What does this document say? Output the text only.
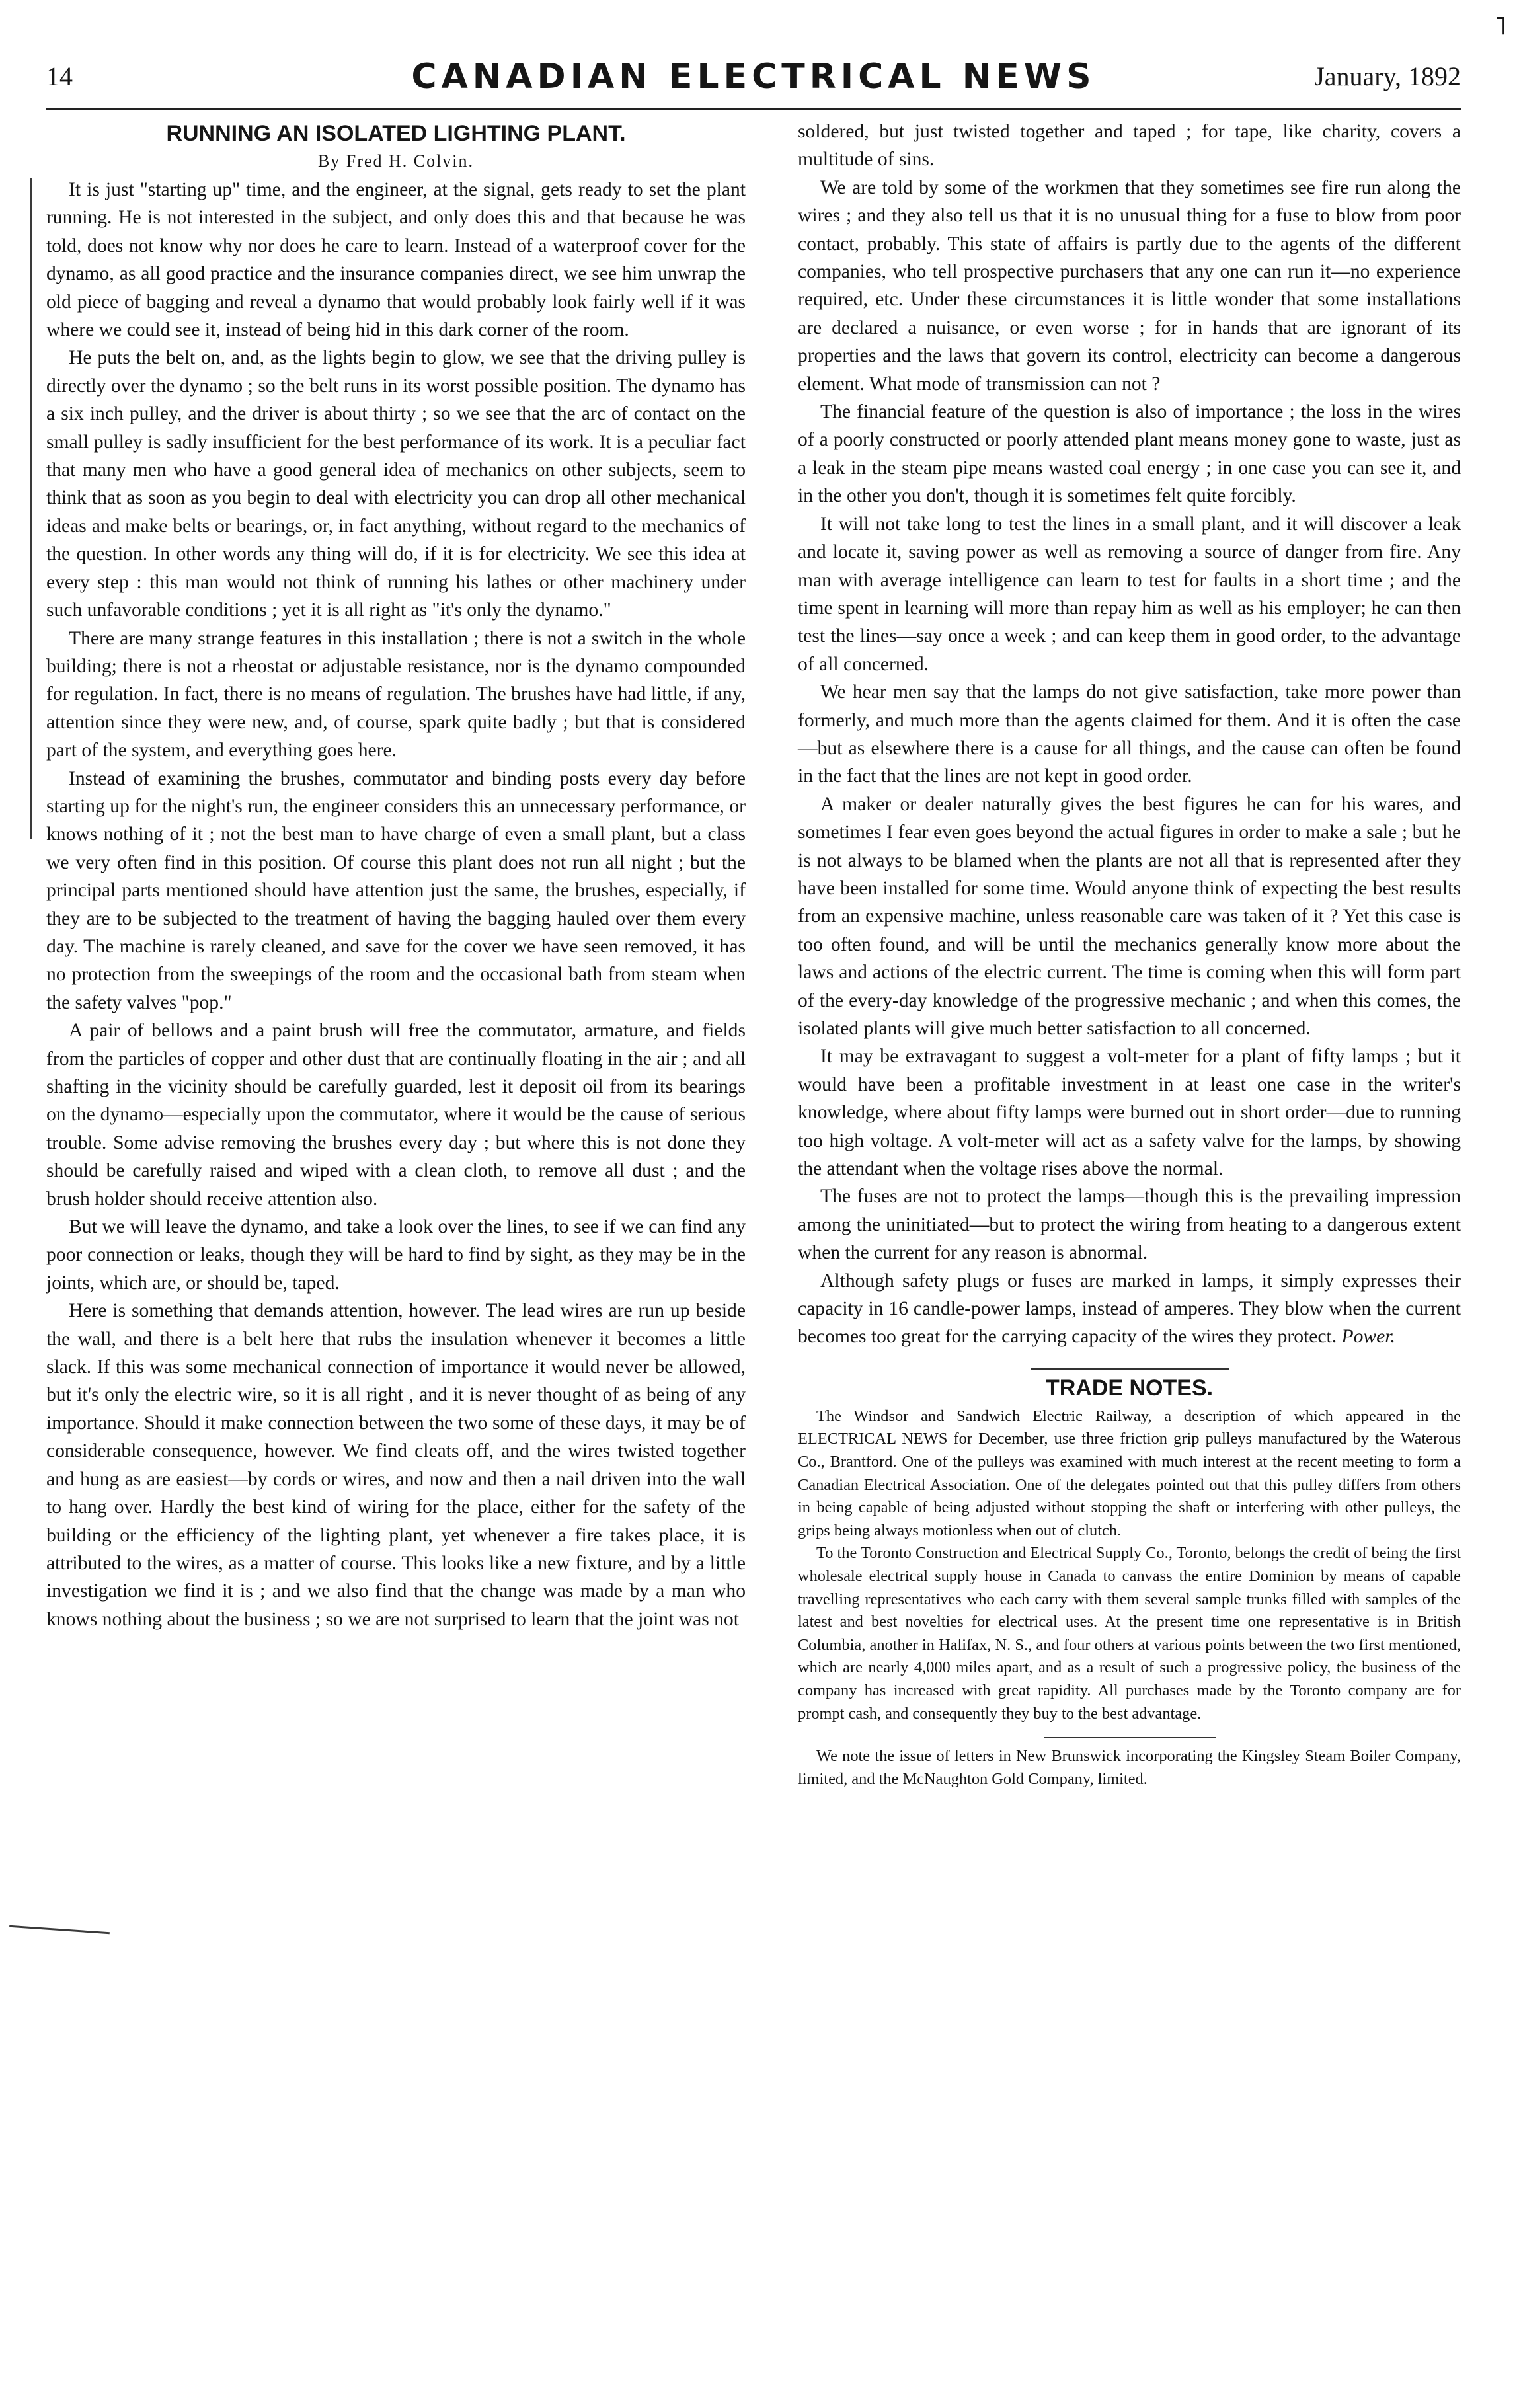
˥
14	CANADIAN ELECTRICAL NEWS	January, 1892
RUNNING AN ISOLATED LIGHTING PLANT.
By Fred H. Colvin.

It is just "starting up" time, and the engineer, at the signal, gets ready to set the plant running. He is not interested in the subject, and only does this and that because he was told, does not know why nor does he care to learn. Instead of a waterproof cover for the dynamo, as all good practice and the insurance companies direct, we see him unwrap the old piece of bagging and reveal a dynamo that would probably look fairly well if it was where we could see it, instead of being hid in this dark corner of the room.

He puts the belt on, and, as the lights begin to glow, we see that the driving pulley is directly over the dynamo ; so the belt runs in its worst possible position. The dynamo has a six inch pulley, and the driver is about thirty ; so we see that the arc of contact on the small pulley is sadly insufficient for the best performance of its work. It is a peculiar fact that many men who have a good general idea of mechanics on other subjects, seem to think that as soon as you begin to deal with electricity you can drop all other mechanical ideas and make belts or bearings, or, in fact anything, without regard to the mechanics of the question. In other words any thing will do, if it is for electricity. We see this idea at every step : this man would not think of running his lathes or other machinery under such unfavorable conditions ; yet it is all right as "it's only the dynamo."

There are many strange features in this installation ; there is not a switch in the whole building; there is not a rheostat or adjustable resistance, nor is the dynamo compounded for regulation. In fact, there is no means of regulation. The brushes have had little, if any, attention since they were new, and, of course, spark quite badly ; but that is considered part of the system, and everything goes here.

Instead of examining the brushes, commutator and binding posts every day before starting up for the night's run, the engineer considers this an unnecessary performance, or knows nothing of it ; not the best man to have charge of even a small plant, but a class we very often find in this position. Of course this plant does not run all night ; but the principal parts mentioned should have attention just the same, the brushes, especially, if they are to be subjected to the treatment of having the bagging hauled over them every day. The machine is rarely cleaned, and save for the cover we have seen removed, it has no protection from the sweepings of the room and the occasional bath from steam when the safety valves "pop."

A pair of bellows and a paint brush will free the commutator, armature, and fields from the particles of copper and other dust that are continually floating in the air ; and all shafting in the vicinity should be carefully guarded, lest it deposit oil from its bearings on the dynamo—especially upon the commutator, where it would be the cause of serious trouble. Some advise removing the brushes every day ; but where this is not done they should be carefully raised and wiped with a clean cloth, to remove all dust ; and the brush holder should receive attention also.

But we will leave the dynamo, and take a look over the lines, to see if we can find any poor connection or leaks, though they will be hard to find by sight, as they may be in the joints, which are, or should be, taped.

Here is something that demands attention, however. The lead wires are run up beside the wall, and there is a belt here that rubs the insulation whenever it becomes a little slack. If this was some mechanical connection of importance it would never be allowed, but it's only the electric wire, so it is all right , and it is never thought of as being of any importance. Should it make connection between the two some of these days, it may be of considerable consequence, however. We find cleats off, and the wires twisted together and hung as are easiest—by cords or wires, and now and then a nail driven into the wall to hang over. Hardly the best kind of wiring for the place, either for the safety of the building or the efficiency of the lighting plant, yet whenever a fire takes place, it is attributed to the wires, as a matter of course. This looks like a new fixture, and by a little investigation we find it is ; and we also find that the change was made by a man who knows nothing about the business ; so we are not surprised to learn that the joint was not

soldered, but just twisted together and taped ; for tape, like charity, covers a multitude of sins.

We are told by some of the workmen that they sometimes see fire run along the wires ; and they also tell us that it is no unusual thing for a fuse to blow from poor contact, probably. This state of affairs is partly due to the agents of the different companies, who tell prospective purchasers that any one can run it—no experience required, etc. Under these circumstances it is little wonder that some installations are declared a nuisance, or even worse ; for in hands that are ignorant of its properties and the laws that govern its control, electricity can become a dangerous element. What mode of transmission can not ?

The financial feature of the question is also of importance ; the loss in the wires of a poorly constructed or poorly attended plant means money gone to waste, just as a leak in the steam pipe means wasted coal energy ; in one case you can see it, and in the other you don't, though it is sometimes felt quite forcibly.

It will not take long to test the lines in a small plant, and it will discover a leak and locate it, saving power as well as removing a source of danger from fire. Any man with average intelligence can learn to test for faults in a short time ; and the time spent in learning will more than repay him as well as his employer; he can then test the lines—say once a week ; and can keep them in good order, to the advantage of all concerned.

We hear men say that the lamps do not give satisfaction, take more power than formerly, and much more than the agents claimed for them. And it is often the case—but as elsewhere there is a cause for all things, and the cause can often be found in the fact that the lines are not kept in good order.

A maker or dealer naturally gives the best figures he can for his wares, and sometimes I fear even goes beyond the actual figures in order to make a sale ; but he is not always to be blamed when the plants are not all that is represented after they have been installed for some time. Would anyone think of expecting the best results from an expensive machine, unless reasonable care was taken of it ? Yet this case is too often found, and will be until the mechanics generally know more about the laws and actions of the electric current. The time is coming when this will form part of the every-day knowledge of the progressive mechanic ; and when this comes, the isolated plants will give much better satisfaction to all concerned.

It may be extravagant to suggest a volt-meter for a plant of fifty lamps ; but it would have been a profitable investment in at least one case in the writer's knowledge, where about fifty lamps were burned out in short order—due to running too high voltage. A volt-meter will act as a safety valve for the lamps, by showing the attendant when the voltage rises above the normal.

The fuses are not to protect the lamps—though this is the prevailing impression among the uninitiated—but to protect the wiring from heating to a dangerous extent when the current for any reason is abnormal.

Although safety plugs or fuses are marked in lamps, it simply expresses their capacity in 16 candle-power lamps, instead of amperes. They blow when the current becomes too great for the carrying capacity of the wires they protect. Power.

TRADE NOTES.

The Windsor and Sandwich Electric Railway, a description of which appeared in the ELECTRICAL NEWS for December, use three friction grip pulleys manufactured by the Waterous Co., Brantford. One of the pulleys was examined with much interest at the recent meeting to form a Canadian Electrical Association. One of the delegates pointed out that this pulley differs from others in being capable of being adjusted without stopping the shaft or interfering with other pulleys, the grips being always motionless when out of clutch.

To the Toronto Construction and Electrical Supply Co., Toronto, belongs the credit of being the first wholesale electrical supply house in Canada to canvass the entire Dominion by means of capable travelling representatives who each carry with them several sample trunks filled with samples of the latest and best novelties for electrical uses. At the present time one representative is in British Columbia, another in Halifax, N. S., and four others at various points between the two first mentioned, which are nearly 4,000 miles apart, and as a result of such a progressive policy, the business of the company has increased with great rapidity. All purchases made by the Toronto company are for prompt cash, and consequently they buy to the best advantage.

We note the issue of letters in New Brunswick incorporating the Kingsley Steam Boiler Company, limited, and the McNaughton Gold Company, limited.
